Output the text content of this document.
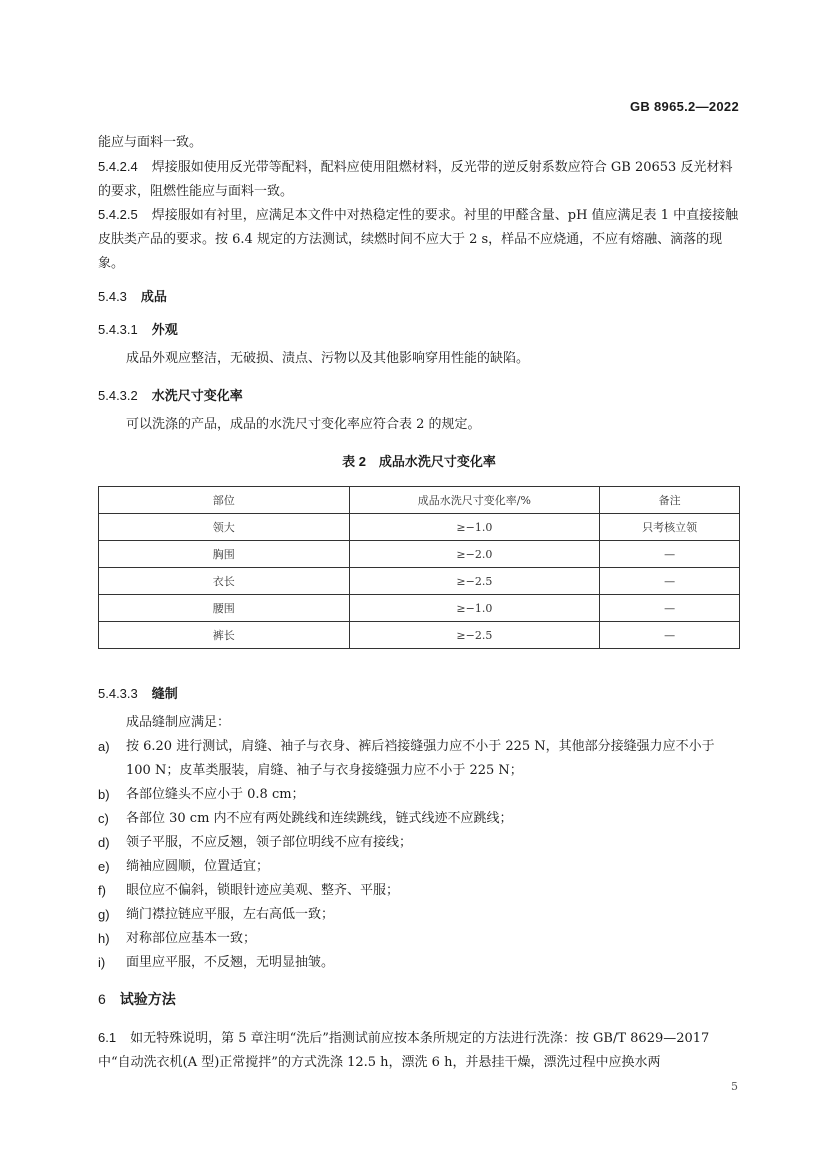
GB 8965.2—2022
能应与面料一致。
5.4.2.4 焊接服如使用反光带等配料，配料应使用阻燃材料，反光带的逆反射系数应符合 GB 20653 反光材料的要求，阻燃性能应与面料一致。
5.4.2.5 焊接服如有衬里，应满足本文件中对热稳定性的要求。衬里的甲醛含量、pH 值应满足表 1 中直接接触皮肤类产品的要求。按 6.4 规定的方法测试，续燃时间不应大于 2 s，样品不应烧通，不应有熔融、滴落的现象。
5.4.3 成品
5.4.3.1 外观
成品外观应整洁，无破损、渍点、污物以及其他影响穿用性能的缺陷。
5.4.3.2 水洗尺寸变化率
可以洗涤的产品，成品的水洗尺寸变化率应符合表 2 的规定。
表 2　成品水洗尺寸变化率
部位	成品水洗尺寸变化率/%	备注
领大	≥−1.0	只考核立领
胸围	≥−2.0	—
衣长	≥−2.5	—
腰围	≥−1.0	—
裤长	≥−2.5	—
5.4.3.3 缝制
成品缝制应满足：
a)	按 6.20 进行测试，肩缝、袖子与衣身、裤后裆接缝强力应不小于 225 N，其他部分接缝强力应不小于 100 N；皮革类服装，肩缝、袖子与衣身接缝强力应不小于 225 N；
b)	各部位缝头不应小于 0.8 cm；
c)	各部位 30 cm 内不应有两处跳线和连续跳线，链式线迹不应跳线；
d)	领子平服，不应反翘，领子部位明线不应有接线；
e)	绱袖应圆顺，位置适宜；
f)	眼位应不偏斜，锁眼针迹应美观、整齐、平服；
g)	绱门襟拉链应平服，左右高低一致；
h)	对称部位应基本一致；
i)	面里应平服，不反翘，无明显抽皱。
6 试验方法
6.1 如无特殊说明，第 5 章注明“洗后”指测试前应按本条所规定的方法进行洗涤：按 GB/T 8629—2017 中“自动洗衣机(A 型)正常搅拌”的方式洗涤 12.5 h，漂洗 6 h，并悬挂干燥，漂洗过程中应换水两
5
